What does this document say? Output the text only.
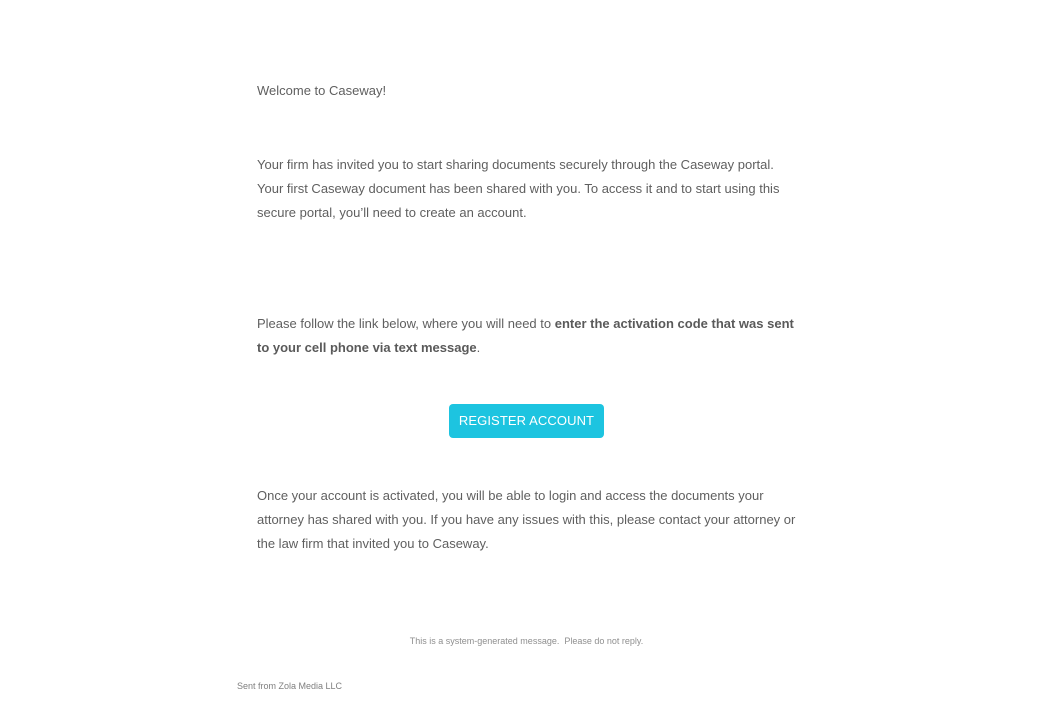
Welcome to Caseway!

Your firm has invited you to start sharing documents securely through the Caseway portal. Your first Caseway document has been shared with you. To access it and to start using this secure portal, you’ll need to create an account.

Please follow the link below, where you will need to enter the activation code that was sent to your cell phone via text message.

REGISTER ACCOUNT

Once your account is activated, you will be able to login and access the documents your attorney has shared with you. If you have any issues with this, please contact your attorney or the law firm that invited you to Caseway.

This is a system-generated message.  Please do not reply.
Sent from Zola Media LLC
